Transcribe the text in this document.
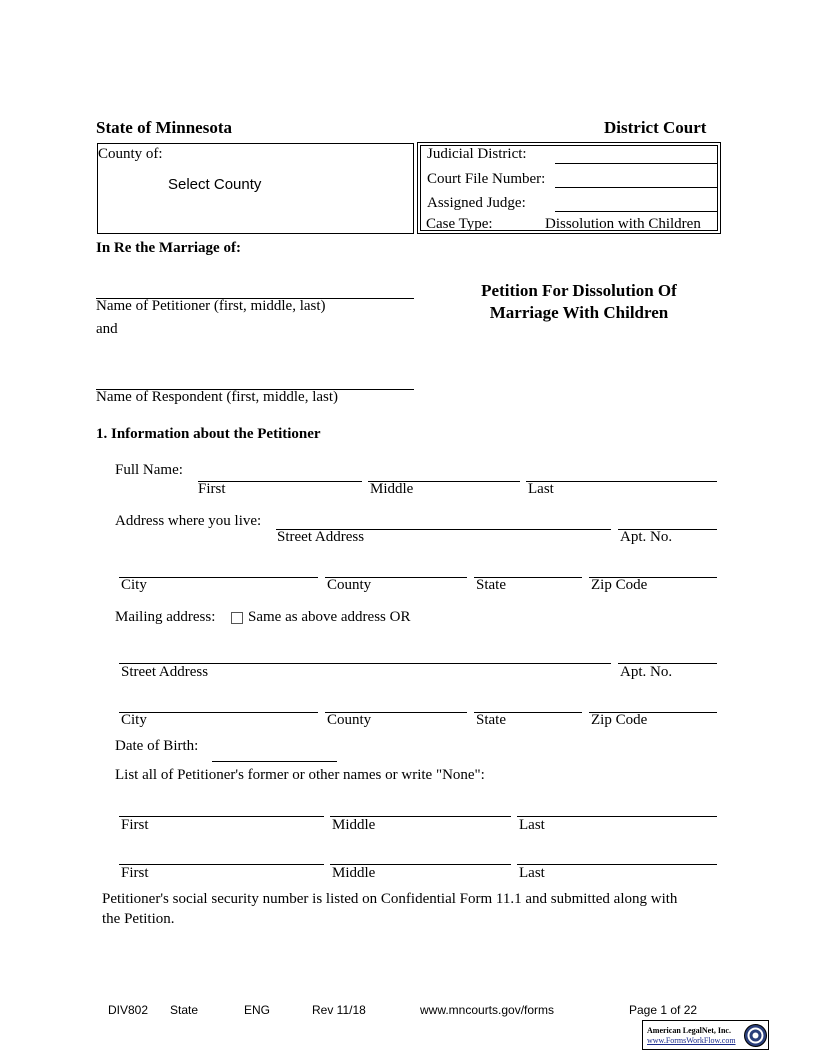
State of Minnesota	District Court
County of:
Select County
Judicial District:
Court File Number:
Assigned Judge:
Case Type:	Dissolution with Children
In Re the Marriage of:
Name of Petitioner (first, middle, last)
and
Name of Respondent (first, middle, last)
Petition For Dissolution Of
Marriage With Children
1. Information about the Petitioner
Full Name:
First	Middle	Last
Address where you live:
Street Address	Apt. No.
City	County	State	Zip Code
Mailing address: Same as above address OR
Street Address	Apt. No.
City	County	State	Zip Code
Date of Birth:
List all of Petitioner's former or other names or write "None":
First	Middle	Last
First	Middle	Last
Petitioner's social security number is listed on Confidential Form 11.1 and submitted along with
the Petition.
DIV802 State	ENG	Rev 11/18	www.mncourts.gov/forms	Page 1 of 22
American LegalNet, Inc.
www.FormsWorkFlow.com
